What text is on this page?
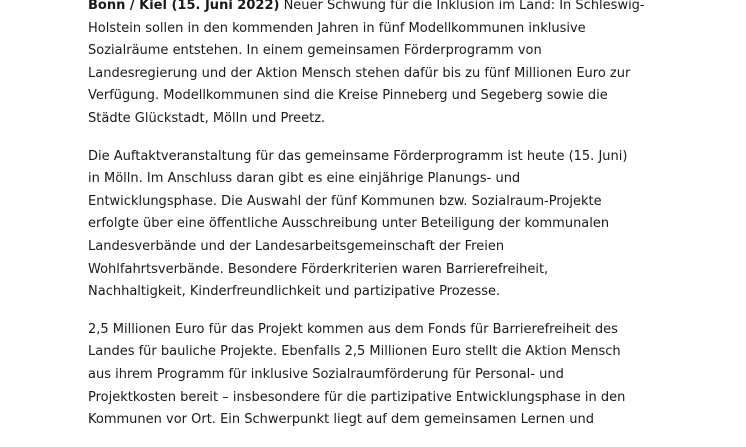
Bonn / Kiel (15. Juni 2022) Neuer Schwung für die Inklusion im Land: In Schleswig-
Holstein sollen in den kommenden Jahren in fünf Modellkommunen inklusive
Sozialräume entstehen. In einem gemeinsamen Förderprogramm von
Landesregierung und der Aktion Mensch stehen dafür bis zu fünf Millionen Euro zur
Verfügung. Modellkommunen sind die Kreise Pinneberg und Segeberg sowie die
Städte Glückstadt, Mölln und Preetz.

Die Auftaktveranstaltung für das gemeinsame Förderprogramm ist heute (15. Juni)
in Mölln. Im Anschluss daran gibt es eine einjährige Planungs- und
Entwicklungsphase. Die Auswahl der fünf Kommunen bzw. Sozialraum-Projekte
erfolgte über eine öffentliche Ausschreibung unter Beteiligung der kommunalen
Landesverbände und der Landesarbeitsgemeinschaft der Freien
Wohlfahrtsverbände. Besondere Förderkriterien waren Barrierefreiheit,
Nachhaltigkeit, Kinderfreundlichkeit und partizipative Prozesse.

2,5 Millionen Euro für das Projekt kommen aus dem Fonds für Barrierefreiheit des
Landes für bauliche Projekte. Ebenfalls 2,5 Millionen Euro stellt die Aktion Mensch
aus ihrem Programm für inklusive Sozialraumförderung für Personal- und
Projektkosten bereit – insbesondere für die partizipative Entwicklungsphase in den
Kommunen vor Ort. Ein Schwerpunkt liegt auf dem gemeinsamen Lernen und
